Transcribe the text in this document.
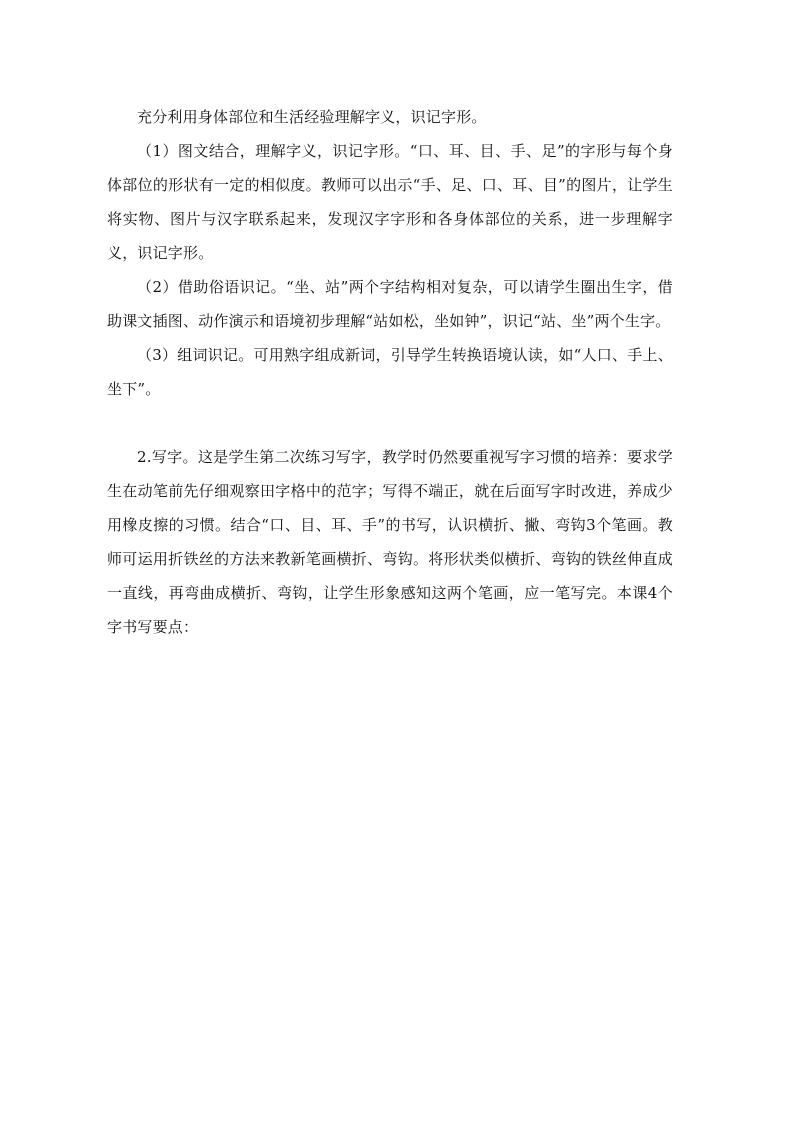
充分利用身体部位和生活经验理解字义，识记字形。

（1）图文结合，理解字义，识记字形。“口、耳、目、手、足”的字形与每个身体部位的形状有一定的相似度。教师可以出示“手、足、口、耳、目”的图片，让学生将实物、图片与汉字联系起来，发现汉字字形和各身体部位的关系，进一步理解字义，识记字形。

（2）借助俗语识记。“坐、站”两个字结构相对复杂，可以请学生圈出生字，借助课文插图、动作演示和语境初步理解“站如松，坐如钟”，识记“站、坐”两个生字。

（3）组词识记。可用熟字组成新词，引导学生转换语境认读，如“人口、手上、坐下”。

2.写字。这是学生第二次练习写字，教学时仍然要重视写字习惯的培养：要求学生在动笔前先仔细观察田字格中的范字；写得不端正，就在后面写字时改进，养成少用橡皮擦的习惯。结合“口、目、耳、手”的书写，认识横折、撇、弯钩3个笔画。教师可运用折铁丝的方法来教新笔画横折、弯钩。将形状类似横折、弯钩的铁丝伸直成一直线，再弯曲成横折、弯钩，让学生形象感知这两个笔画，应一笔写完。本课4个字书写要点：
